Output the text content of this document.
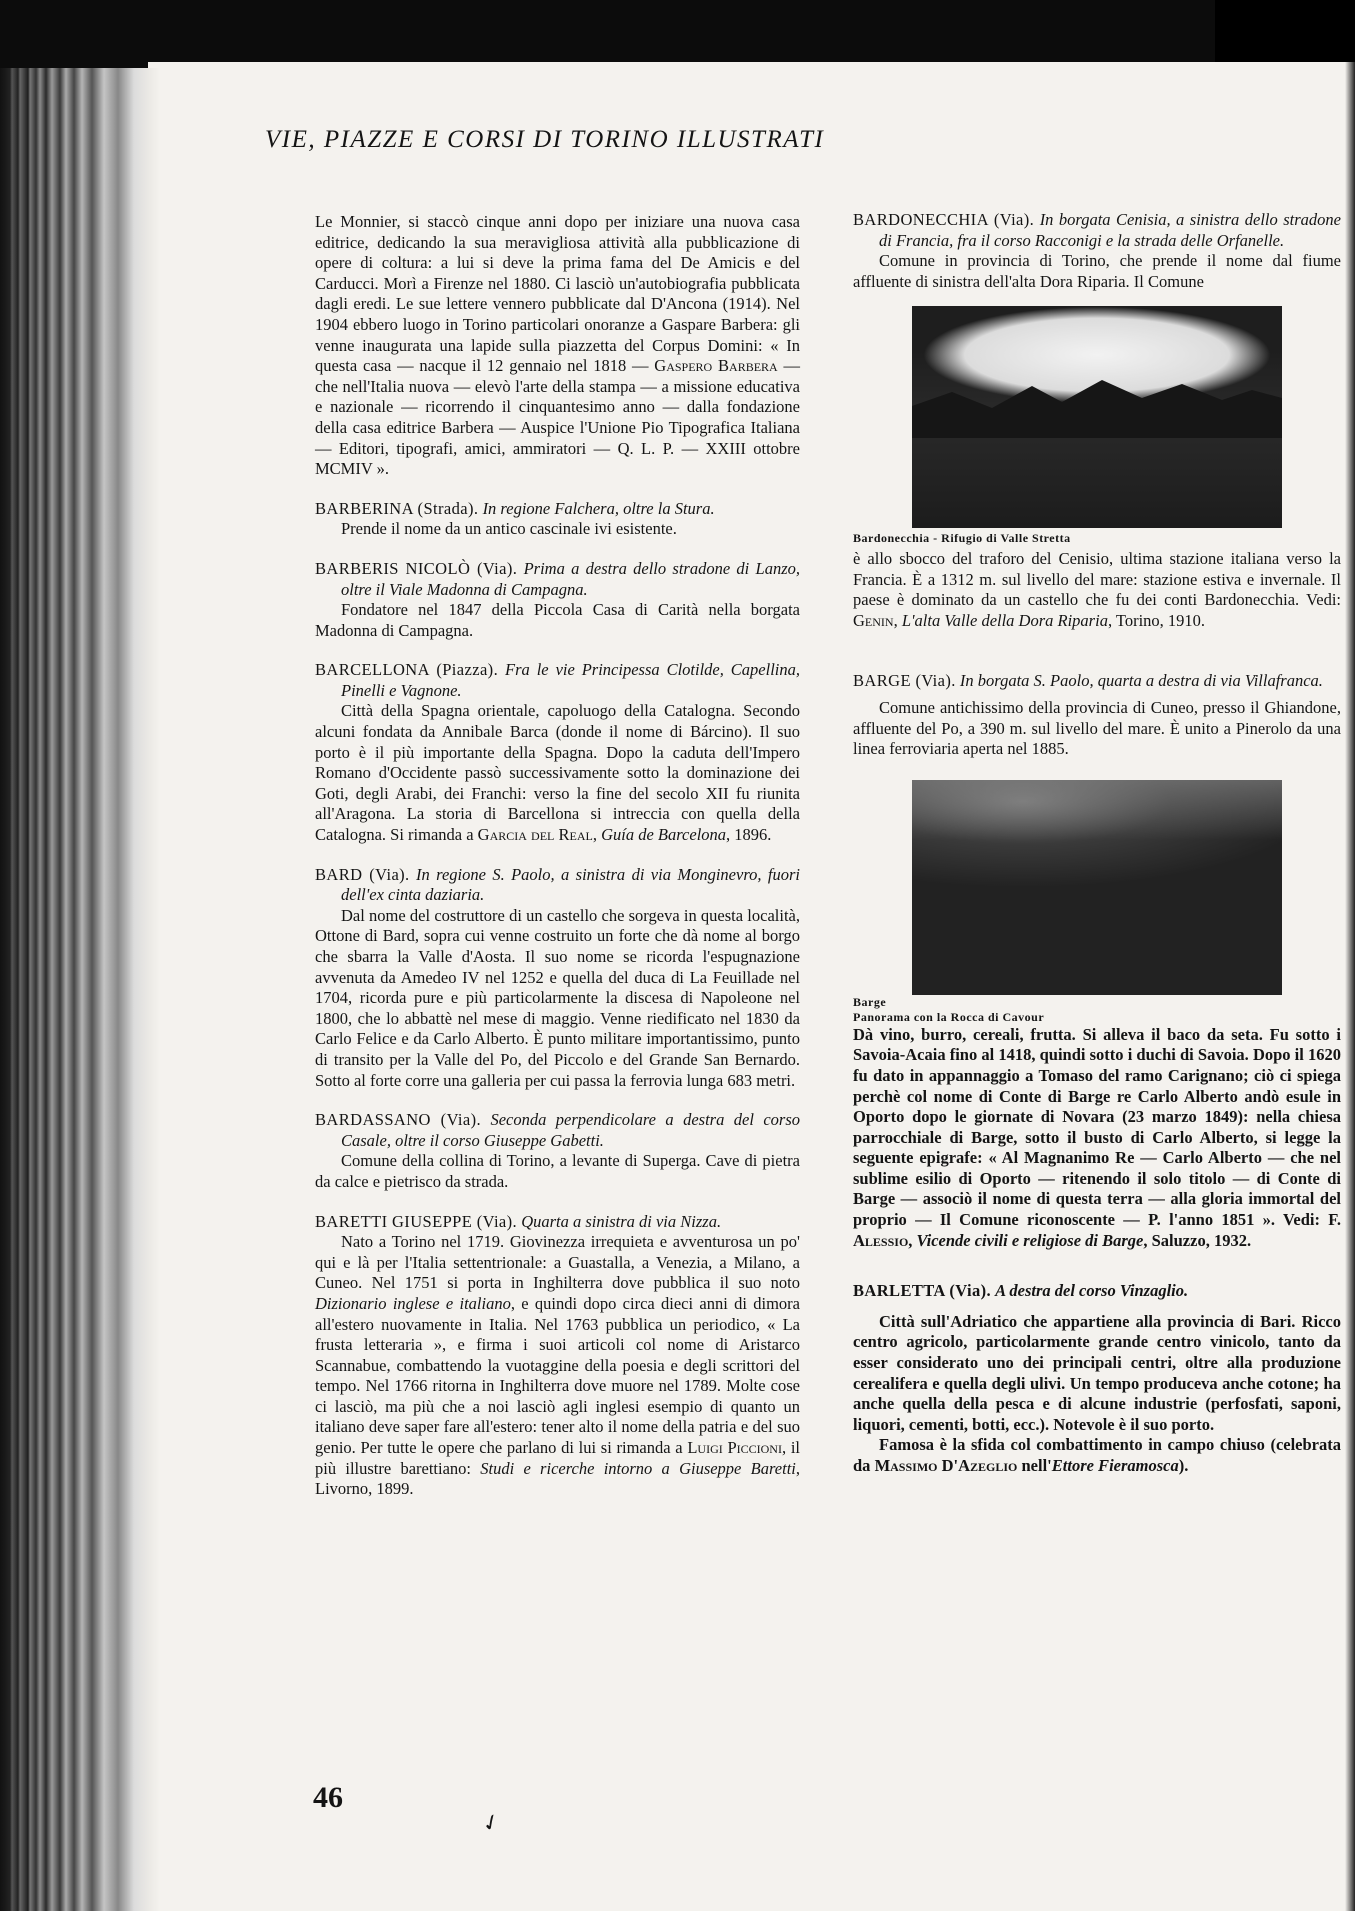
VIE, PIAZZE E CORSI DI TORINO ILLUSTRATI

Le Monnier, si staccò cinque anni dopo per iniziare una nuova casa editrice, dedicando la sua meravigliosa attività alla pubblicazione di opere di coltura: a lui si deve la prima fama del De Amicis e del Carducci. Morì a Firenze nel 1880. Ci lasciò un'autobiografia pubblicata dagli eredi. Le sue lettere vennero pubblicate dal D'Ancona (1914). Nel 1904 ebbero luogo in Torino particolari onoranze a Gaspare Barbera: gli venne inaugurata una lapide sulla piazzetta del Corpus Domini: « In questa casa — nacque il 12 gennaio nel 1818 — Gaspero Barbera — che nell'Italia nuova — elevò l'arte della stampa — a missione educativa e nazionale — ricorrendo il cinquantesimo anno — dalla fondazione della casa editrice Barbera — Auspice l'Unione Pio Tipografica Italiana — Editori, tipografi, amici, ammiratori — Q. L. P. — XXIII ottobre MCMIV ».

BARBERINA (Strada). In regione Falchera, oltre la Stura.

Prende il nome da un antico cascinale ivi esistente.

BARBERIS NICOLÒ (Via). Prima a destra dello stradone di Lanzo, oltre il Viale Madonna di Campagna.

Fondatore nel 1847 della Piccola Casa di Carità nella borgata Madonna di Campagna.

BARCELLONA (Piazza). Fra le vie Principessa Clotilde, Capellina, Pinelli e Vagnone.

Città della Spagna orientale, capoluogo della Catalogna. Secondo alcuni fondata da Annibale Barca (donde il nome di Bárcino). Il suo porto è il più importante della Spagna. Dopo la caduta dell'Impero Romano d'Occidente passò successivamente sotto la dominazione dei Goti, degli Arabi, dei Franchi: verso la fine del secolo XII fu riunita all'Aragona. La storia di Barcellona si intreccia con quella della Catalogna. Si rimanda a Garcia del Real, Guía de Barcelona, 1896.

BARD (Via). In regione S. Paolo, a sinistra di via Monginevro, fuori dell'ex cinta daziaria.

Dal nome del costruttore di un castello che sorgeva in questa località, Ottone di Bard, sopra cui venne costruito un forte che dà nome al borgo che sbarra la Valle d'Aosta. Il suo nome se ricorda l'espugnazione avvenuta da Amedeo IV nel 1252 e quella del duca di La Feuillade nel 1704, ricorda pure e più particolarmente la discesa di Napoleone nel 1800, che lo abbattè nel mese di maggio. Venne riedificato nel 1830 da Carlo Felice e da Carlo Alberto. È punto militare importantissimo, punto di transito per la Valle del Po, del Piccolo e del Grande San Bernardo. Sotto al forte corre una galleria per cui passa la ferrovia lunga 683 metri.

BARDASSANO (Via). Seconda perpendicolare a destra del corso Casale, oltre il corso Giuseppe Gabetti.

Comune della collina di Torino, a levante di Superga. Cave di pietra da calce e pietrisco da strada.

BARETTI GIUSEPPE (Via). Quarta a sinistra di via Nizza.

Nato a Torino nel 1719. Giovinezza irrequieta e avventurosa un po' qui e là per l'Italia settentrionale: a Guastalla, a Venezia, a Milano, a Cuneo. Nel 1751 si porta in Inghilterra dove pubblica il suo noto Dizionario inglese e italiano, e quindi dopo circa dieci anni di dimora all'estero nuovamente in Italia. Nel 1763 pubblica un periodico, « La frusta letteraria », e firma i suoi articoli col nome di Aristarco Scannabue, combattendo la vuotaggine della poesia e degli scrittori del tempo. Nel 1766 ritorna in Inghilterra dove muore nel 1789. Molte cose ci lasciò, ma più che a noi lasciò agli inglesi esempio di quanto un italiano deve saper fare all'estero: tener alto il nome della patria e del suo genio. Per tutte le opere che parlano di lui si rimanda a Luigi Piccioni, il più illustre barettiano: Studi e ricerche intorno a Giuseppe Baretti, Livorno, 1899.

BARDONECCHIA (Via). In borgata Cenisia, a sinistra dello stradone di Francia, fra il corso Racconigi e la strada delle Orfanelle.

Comune in provincia di Torino, che prende il nome dal fiume affluente di sinistra dell'alta Dora Riparia. Il Comune

Bardonecchia - Rifugio di Valle Stretta

è allo sbocco del traforo del Cenisio, ultima stazione italiana verso la Francia. È a 1312 m. sul livello del mare: stazione estiva e invernale. Il paese è dominato da un castello che fu dei conti Bardonecchia. Vedi: Genin, L'alta Valle della Dora Riparia, Torino, 1910.

BARGE (Via). In borgata S. Paolo, quarta a destra di via Villafranca.

Comune antichissimo della provincia di Cuneo, presso il Ghiandone, affluente del Po, a 390 m. sul livello del mare. È unito a Pinerolo da una linea ferroviaria aperta nel 1885.

Barge
Panorama con la Rocca di Cavour

Dà vino, burro, cereali, frutta. Si alleva il baco da seta. Fu sotto i Savoia-Acaia fino al 1418, quindi sotto i duchi di Savoia. Dopo il 1620 fu dato in appannaggio a Tomaso del ramo Carignano; ciò ci spiega perchè col nome di Conte di Barge re Carlo Alberto andò esule in Oporto dopo le giornate di Novara (23 marzo 1849): nella chiesa parrocchiale di Barge, sotto il busto di Carlo Alberto, si legge la seguente epigrafe: « Al Magnanimo Re — Carlo Alberto — che nel sublime esilio di Oporto — ritenendo il solo titolo — di Conte di Barge — associò il nome di questa terra — alla gloria immortal del proprio — Il Comune riconoscente — P. l'anno 1851 ». Vedi: F. Alessio, Vicende civili e religiose di Barge, Saluzzo, 1932.

BARLETTA (Via). A destra del corso Vinzaglio.

Città sull'Adriatico che appartiene alla provincia di Bari. Ricco centro agricolo, particolarmente grande centro vinicolo, tanto da esser considerato uno dei principali centri, oltre alla produzione cerealifera e quella degli ulivi. Un tempo produceva anche cotone; ha anche quella della pesca e di alcune industrie (perfosfati, saponi, liquori, cementi, botti, ecc.). Notevole è il suo porto.

Famosa è la sfida col combattimento in campo chiuso (celebrata da Massimo D'Azeglio nell'Ettore Fieramosca).

46

✓
